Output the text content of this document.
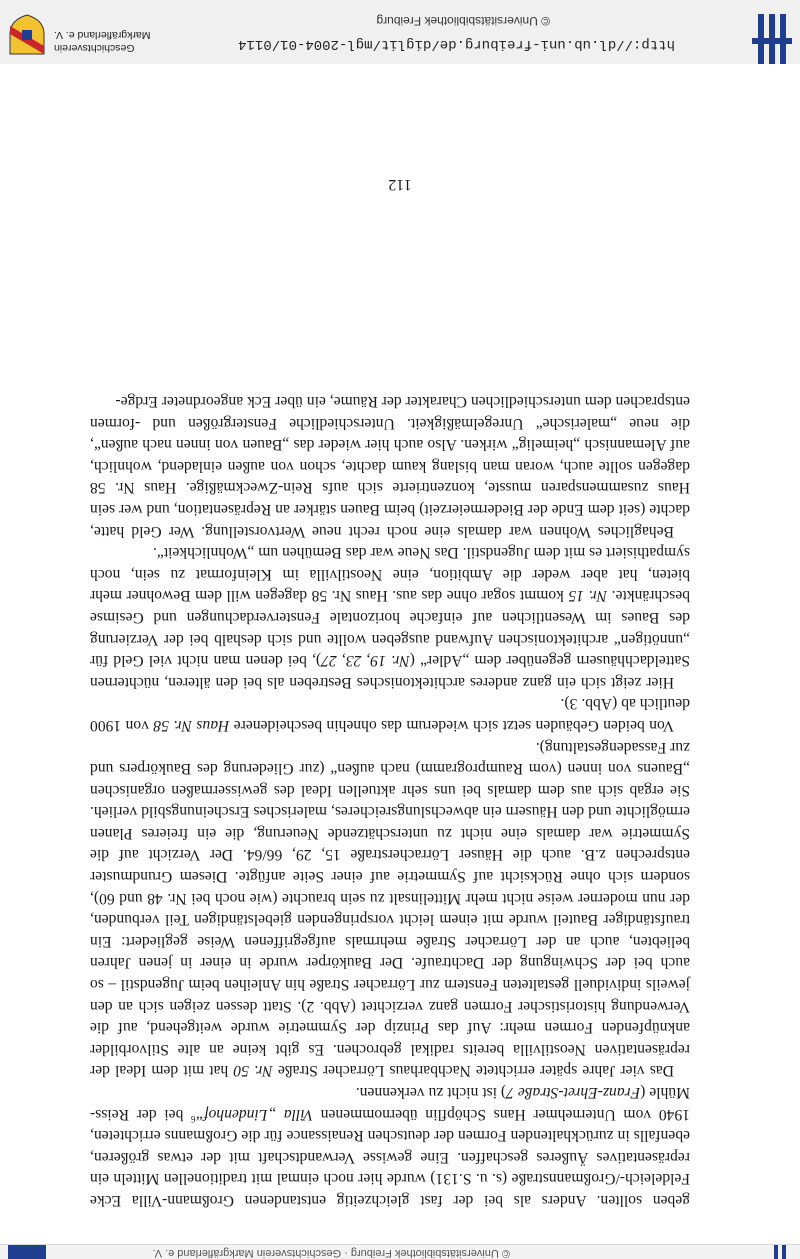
© Universitätsbibliothek Freiburg · Geschichtsverein Markgräflerland e. V.

geben sollten. Anders als bei der fast gleichzeitig entstandenen Großmann-Villa Ecke Feldeleich-/Großmannstraße (s. u. S.131) wurde hier noch einmal mit traditionellen Mitteln ein repräsentatives Äußeres geschaffen. Eine gewisse Verwandtschaft mit der etwas größeren, ebenfalls in zurückhaltenden Formen der deutschen Renaissance für die Großmanns errichteten, 1940 vom Unternehmer Hans Schöpflin übernommenen Villa „Lindenhof“$^6$ bei der Reiss-Mühle (Franz-Ehret-Straße 7) ist nicht zu verkennen.

Das vier Jahre später errichtete Nachbarhaus Lörracher Straße Nr. 50 hat mit dem Ideal der repräsentativen Neostilvilla bereits radikal gebrochen. Es gibt keine an alte Stilvorbilder anknüpfenden Formen mehr: Auf das Prinzip der Symmetrie wurde weitgehend, auf die Verwendung historistischer Formen ganz verzichtet (Abb. 2). Statt dessen zeigen sich an den jeweils individuell gestalteten Fenstern zur Lörracher Straße hin Anleihen beim Jugendstil – so auch bei der Schwingung der Dachtraufe. Der Baukörper wurde in einer in jenen Jahren beliebten, auch an der Lörracher Straße mehrmals aufgegriffenen Weise gegliedert: Ein traufständiger Bauteil wurde mit einem leicht vorspringenden giebelständigen Teil verbunden, der nun moderner weise nicht mehr Mittelinsalt zu sein brauchte (wie noch bei Nr. 48 und 60), sondern sich ohne Rücksicht auf Symmetrie auf einer Seite anfügte. Diesem Grundmuster entsprechen z.B. auch die Häuser Lörracherstraße 15, 29, 66/64. Der Verzicht auf die Symmetrie war damals eine nicht zu unterschätzende Neuerung, die ein freieres Planen ermöglichte und den Häusern ein abwechslungsreicheres, malerisches Erscheinungsbild verlieh. Sie ergab sich aus dem damals bei uns sehr aktuellen Ideal des gewissermaßen organischen „Bauens von innen (vom Raumprogramm) nach außen“ (zur Gliederung des Baukörpers und zur Fassadengestaltung).

Von beiden Gebäuden setzt sich wiederum das ohnehin bescheidenere Haus Nr. 58 von 1900 deutlich ab (Abb. 3).

Hier zeigt sich ein ganz anderes architektonisches Bestreben als bei den älteren, nüchternen Satteldachhäusern gegenüber dem „Adler“ (Nr. 19, 23, 27), bei denen man nicht viel Geld für „unnötigen“ architektonischen Aufwand ausgeben wollte und sich deshalb bei der Verzierung des Baues im Wesentlichen auf einfache horizontale Fensterverdachungen und Gesimse beschränkte. Nr. 15 kommt sogar ohne das aus. Haus Nr. 58 dagegen will dem Bewohner mehr bieten, hat aber weder die Ambition, eine Neostilvilla im Kleinformat zu sein, noch sympathisiert es mit dem Jugendstil. Das Neue war das Bemühen um „Wohnlichkeit“.

Behagliches Wohnen war damals eine noch recht neue Wertvorstellung. Wer Geld hatte, dachte (seit dem Ende der Biedermeierzeit) beim Bauen stärker an Repräsentation, und wer sein Haus zusammensparen musste, konzentrierte sich aufs Rein-Zweckmäßige. Haus Nr. 58 dagegen sollte auch, woran man bislang kaum dachte, schon von außen einladend, wohnlich, auf Alemannisch „heimelig“ wirken. Also auch hier wieder das „Bauen von innen nach außen“, die neue „malerische“ Unregelmäßigkeit. Unterschiedliche Fenstergrößen und -formen entsprachen dem unterschiedlichen Charakter der Räume, ein über Eck angeordneter Erdge-

112
http://dl.ub.uni-freiburg.de/diglit/mgl-2004-01/0114
© Universitätsbibliothek Freiburg
Geschichtsverein
Markgräflerland e. V.
